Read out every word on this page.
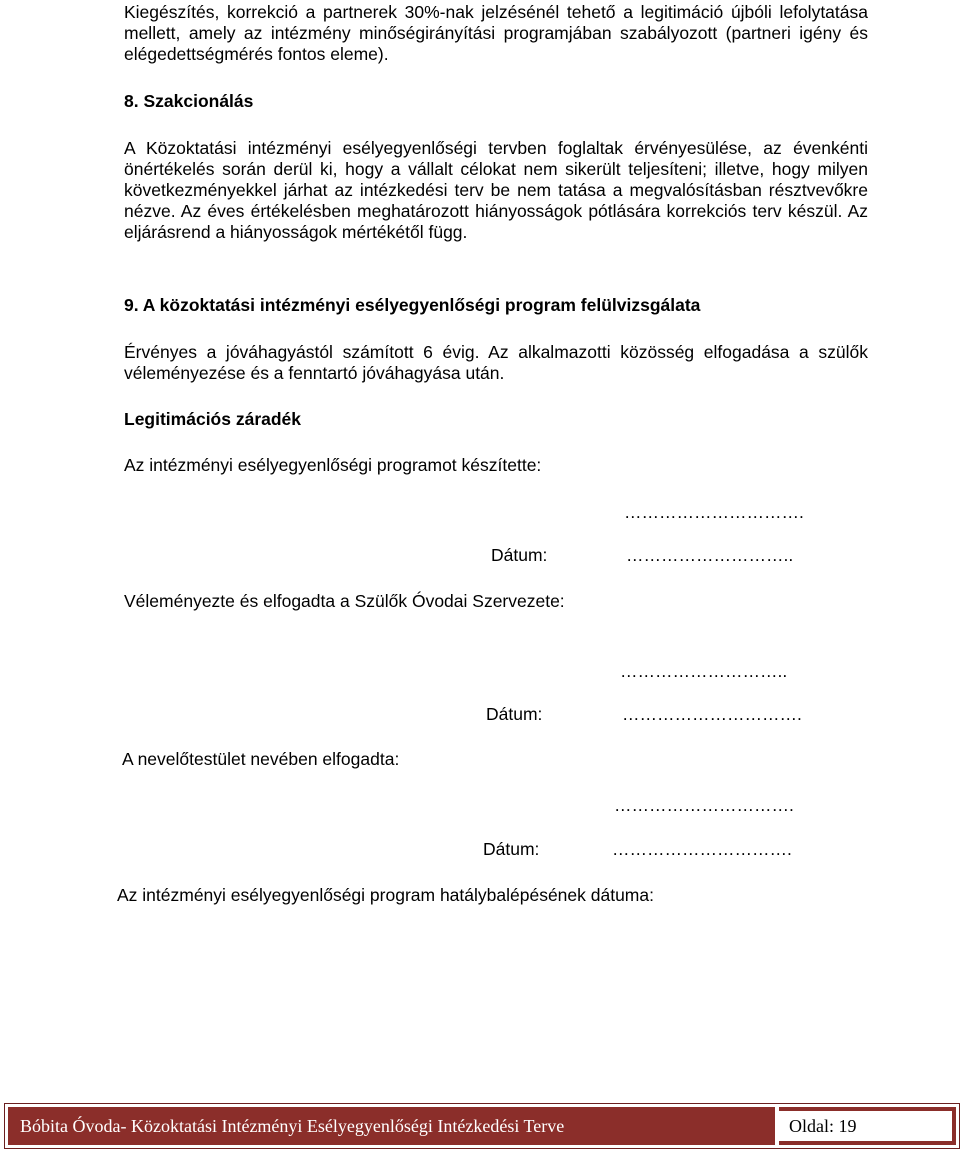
Kiegészítés, korrekció a partnerek 30%-nak jelzésénél tehető a legitimáció újbóli lefolytatása mellett, amely az intézmény minőségirányítási programjában szabályozott (partneri igény és elégedettségmérés fontos eleme).

8. Szakcionálás

A Közoktatási intézményi esélyegyenlőségi tervben foglaltak érvényesülése, az évenkénti önértékelés során derül ki, hogy a vállalt célokat nem sikerült teljesíteni; illetve, hogy milyen következményekkel járhat az intézkedési terv be nem tatása a megvalósításban résztvevőkre nézve. Az éves értékelésben meghatározott hiányosságok pótlására korrekciós terv készül. Az eljárásrend a hiányosságok mértékétől függ.

9. A közoktatási intézményi esélyegyenlőségi program felülvizsgálata

Érvényes a jóváhagyástól számított 6 évig. Az alkalmazotti közösség elfogadása a szülők véleményezése és a fenntartó jóváhagyása után.

Legitimációs záradék

Az intézményi esélyegyenlőségi programot készítette:

………………………….

Dátum:	………………………..

Véleményezte és elfogadta a Szülők Óvodai Szervezete:

………………………..

Dátum:	………………………….

A nevelőtestület nevében elfogadta:

………………………….

Dátum:	………………………….

Az intézményi esélyegyenlőségi program hatálybalépésének dátuma:

Bóbita Óvoda- Közoktatási Intézményi Esélyegyenlőségi Intézkedési Terve	Oldal: 19
